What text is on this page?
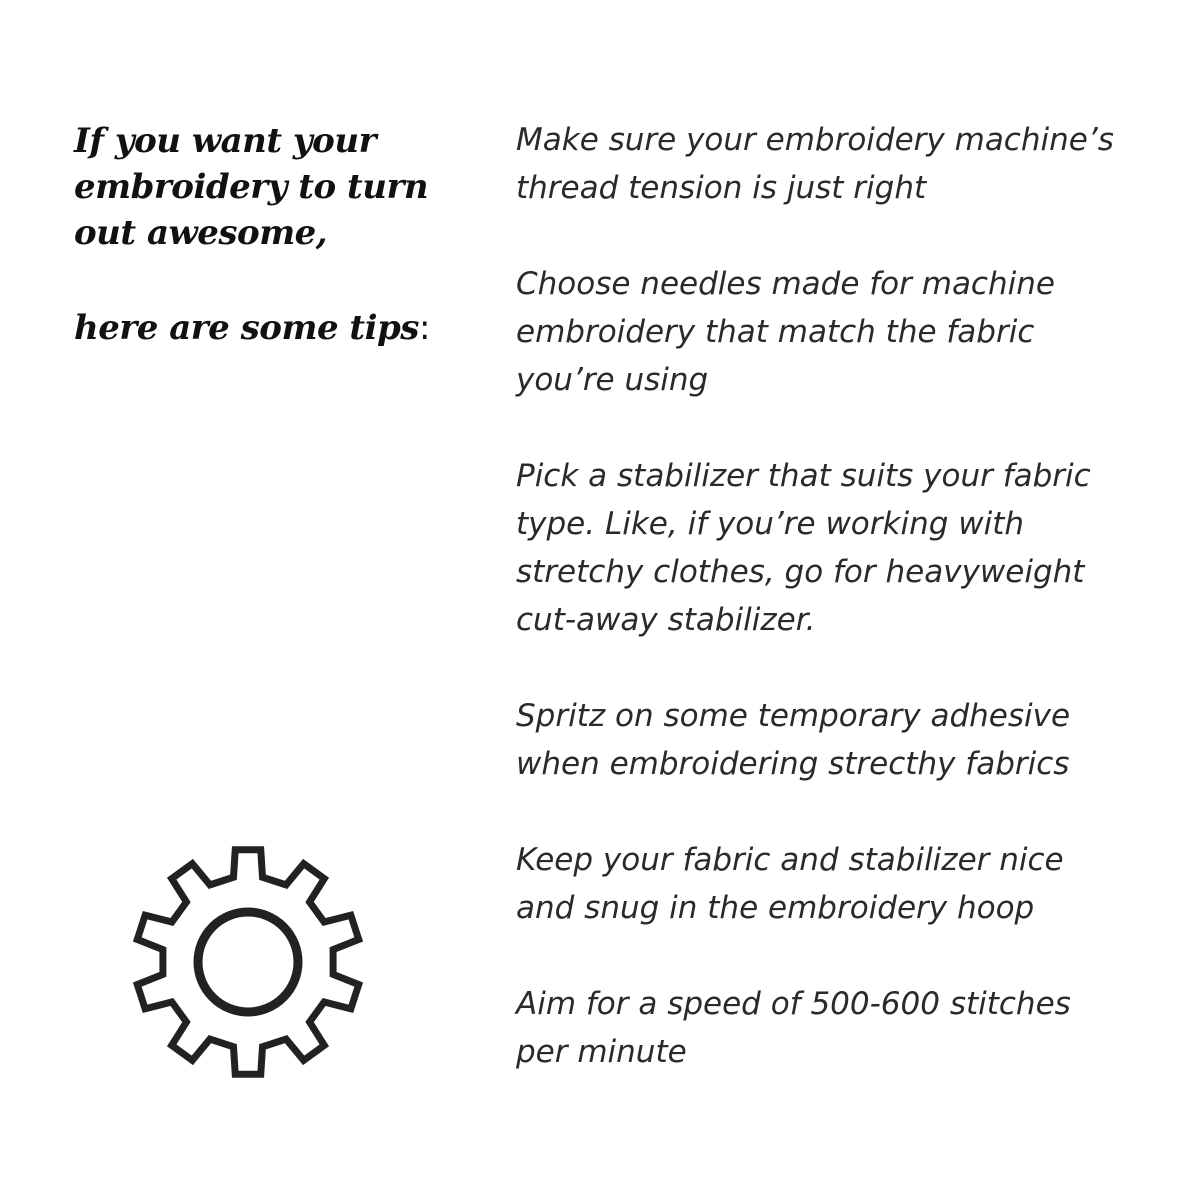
If you want your
embroidery to turn
out awesome,
here are some tips:
Make sure your embroidery machine’s
thread tension is just right
Choose needles made for machine
embroidery that match the fabric
you’re using
Pick a stabilizer that suits your fabric
type. Like, if you’re working with
stretchy clothes, go for heavyweight
cut-away stabilizer.
Spritz on some temporary adhesive
when embroidering strecthy fabrics
Keep your fabric and stabilizer nice
and snug in the embroidery hoop
Aim for a speed of 500-600 stitches
per minute
